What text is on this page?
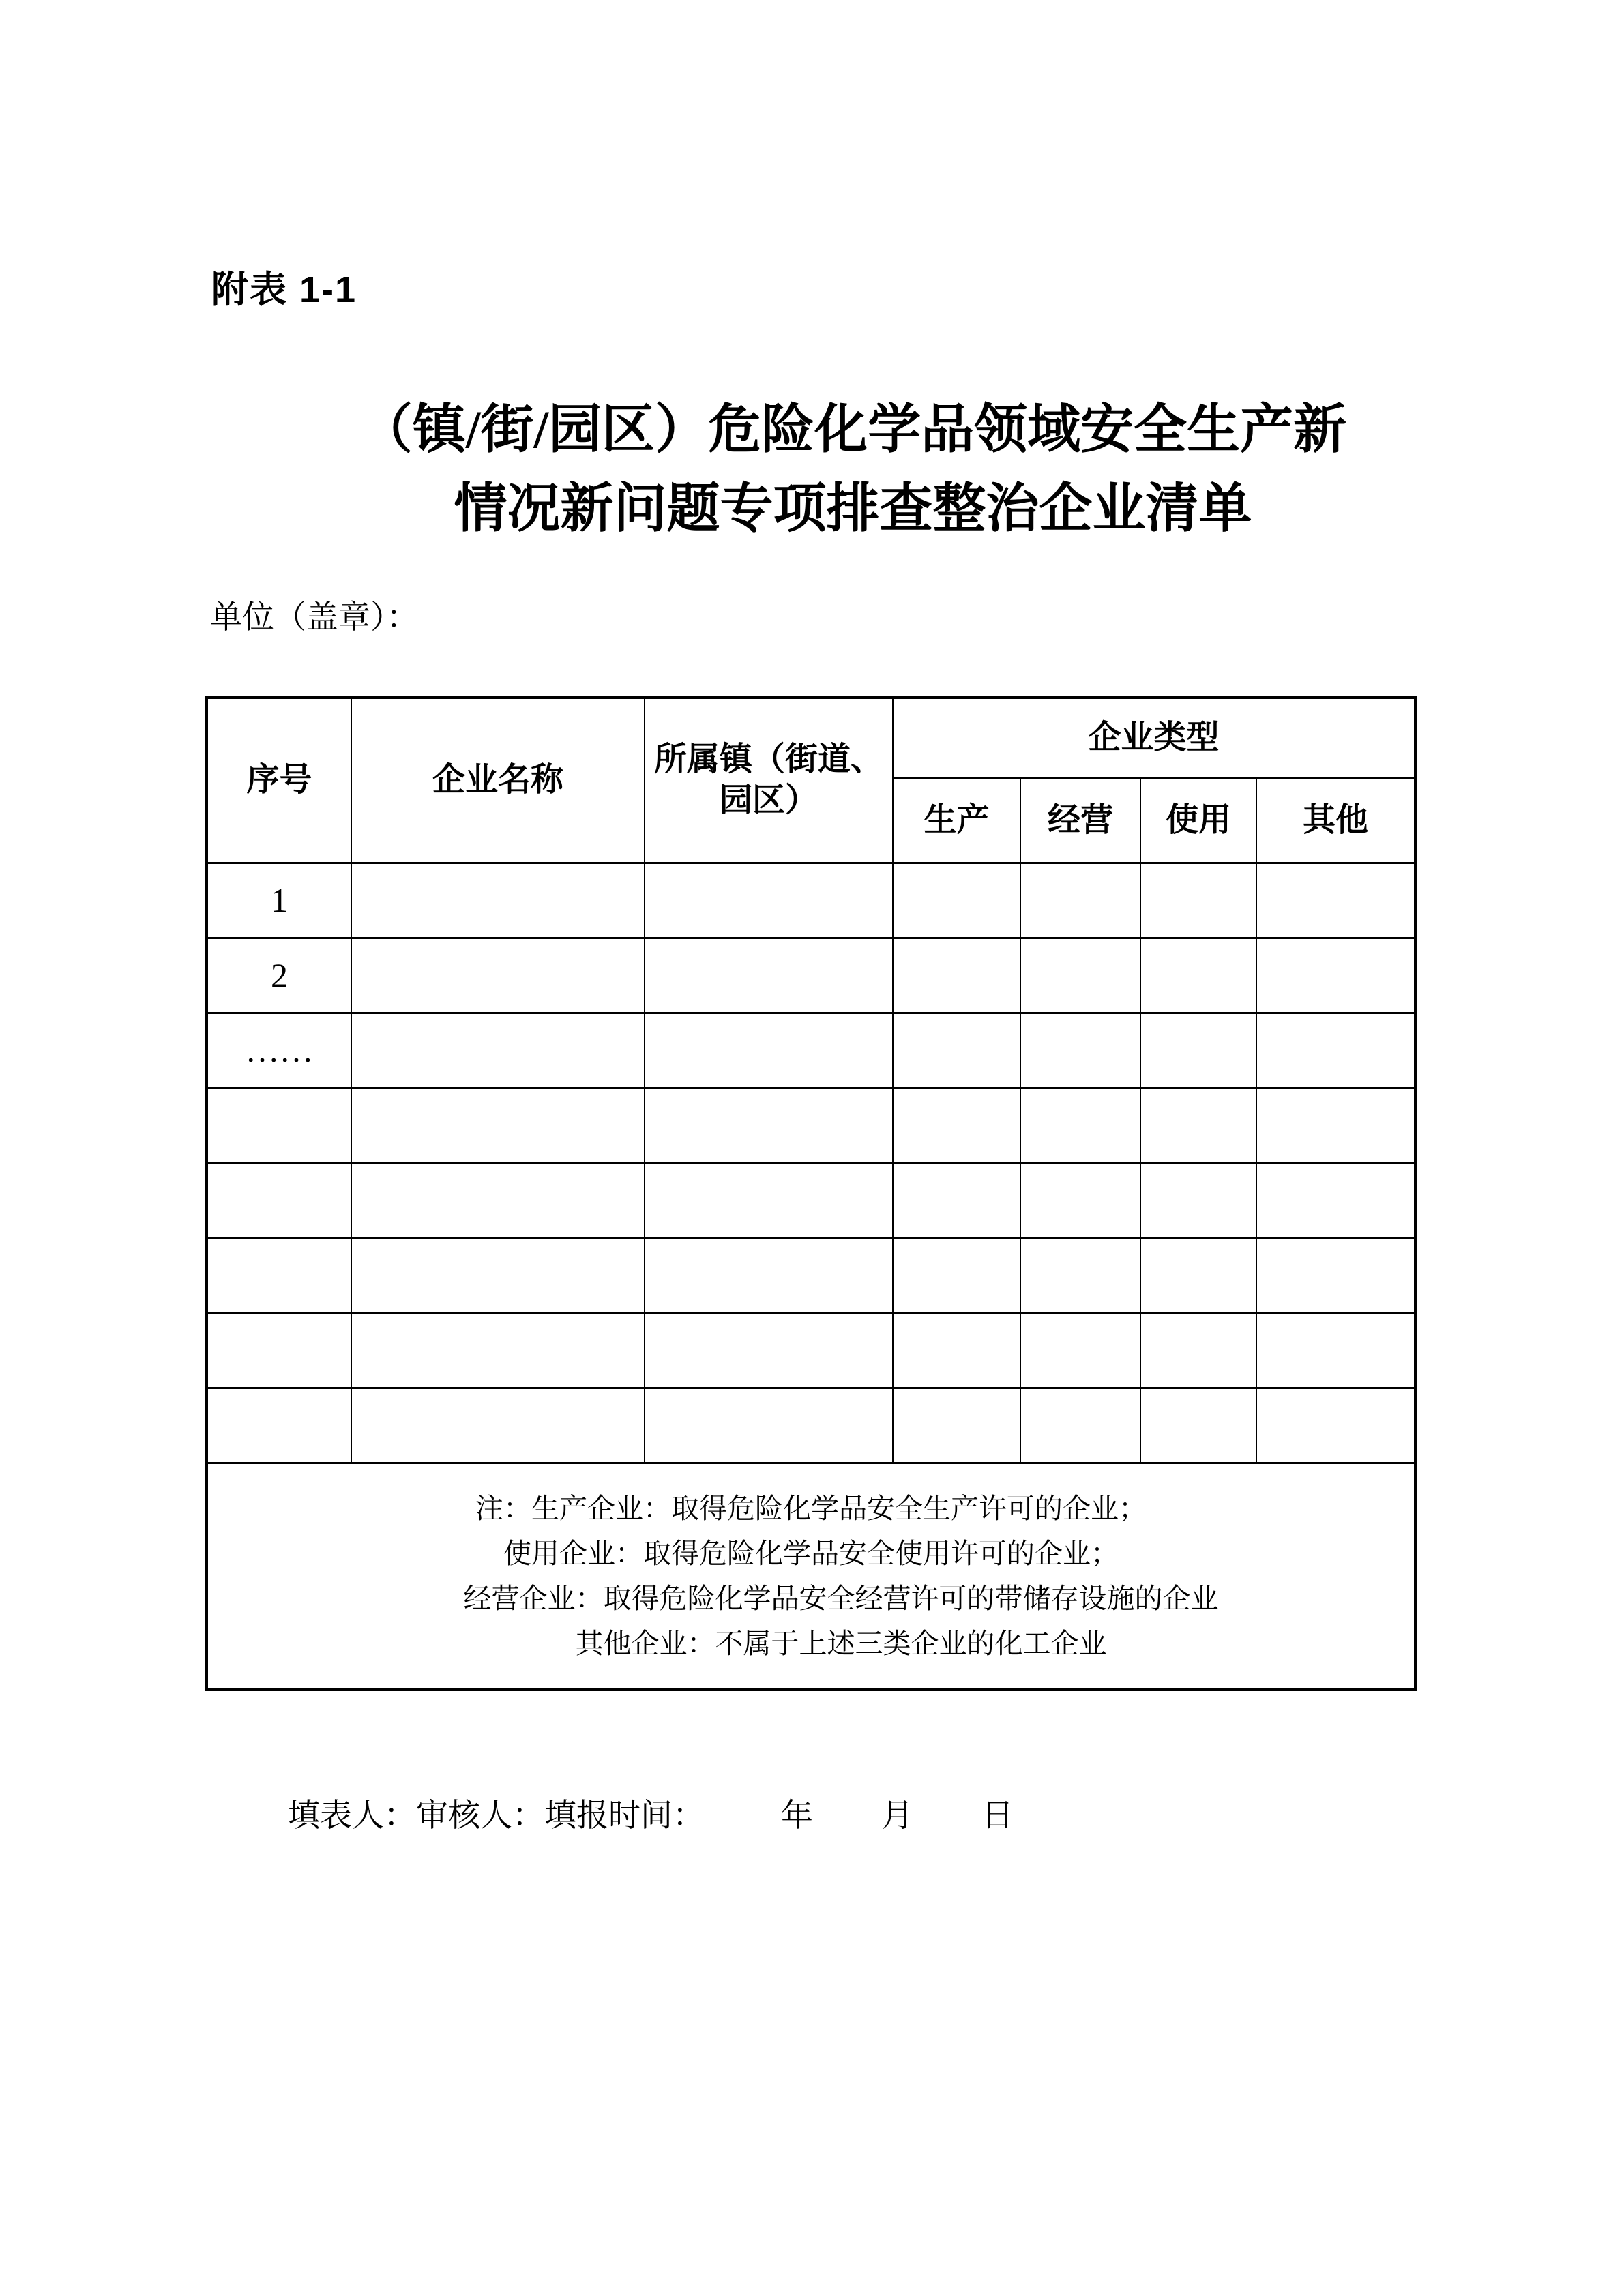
附表 1-1
（镇/街/园区）危险化学品领域安全生产新
情况新问题专项排查整治企业清单
单位（盖章）：
序号	企业名称	所属镇（街道、
园区）	企业类型			
			生产	经营	使用	其他
1						
2						
……						

注：生产企业：取得危险化学品安全生产许可的企业；
使用企业：取得危险化学品安全使用许可的企业；
经营企业：取得危险化学品安全经营许可的带储存设施的企业
其他企业：不属于上述三类企业的化工企业						
填表人：审核人：填报时间： 年 月 日
